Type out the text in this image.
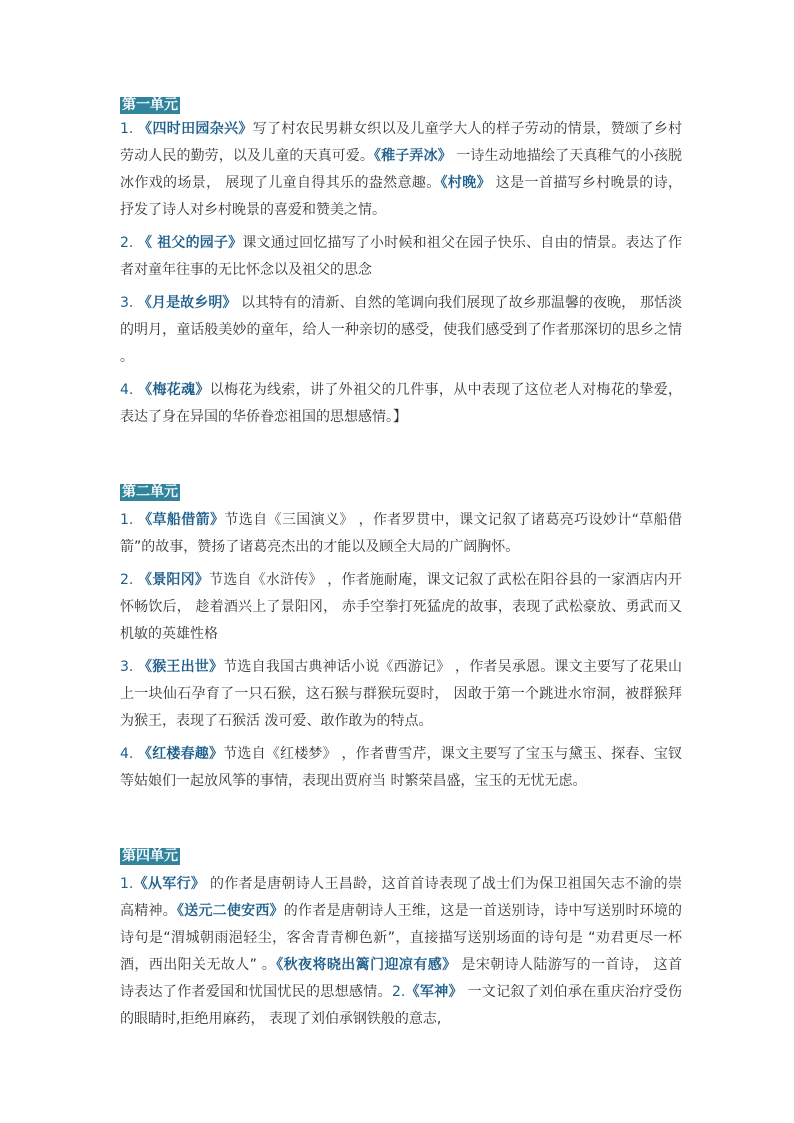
第一单元

1. 《四时田园杂兴》写了村农民男耕女织以及儿童学大人的样子劳动的情景，赞颂了乡村劳动人民的勤劳，以及儿童的天真可爱。《稚子弄冰》 一诗生动地描绘了天真稚气的小孩脱冰作戏的场景， 展现了儿童自得其乐的盎然意趣。《村晚》 这是一首描写乡村晚景的诗， 抒发了诗人对乡村晚景的喜爱和赞美之情。

2. 《 祖父的园子》课文通过回忆描写了小时候和祖父在园子快乐、自由的情景。表达了作者对童年往事的无比怀念以及祖父的思念

3. 《月是故乡明》 以其特有的清新、自然的笔调向我们展现了故乡那温馨的夜晚， 那恬淡的明月，童话般美妙的童年，给人一种亲切的感受，使我们感受到了作者那深切的思乡之情 。

4. 《梅花魂》以梅花为线索，讲了外祖父的几件事，从中表现了这位老人对梅花的挚爱， 表达了身在异国的华侨眷恋祖国的思想感情。】

第二单元

1. 《草船借箭》节选自《三国演义》 ，作者罗贯中，课文记叙了诸葛亮巧设妙计“草船借箭”的故事，赞扬了诸葛亮杰出的才能以及顾全大局的广阔胸怀。

2. 《景阳冈》节选自《水浒传》 ，作者施耐庵，课文记叙了武松在阳谷县的一家酒店内开怀畅饮后， 趁着酒兴上了景阳冈， 赤手空拳打死猛虎的故事，表现了武松豪放、勇武而又机敏的英雄性格

3. 《猴王出世》节选自我国古典神话小说《西游记》 ，作者吴承恩。课文主要写了花果山上一块仙石孕育了一只石猴，这石猴与群猴玩耍时， 因敢于第一个跳进水帘洞，被群猴拜为猴王，表现了石猴活 泼可爱、敢作敢为的特点。

4. 《红楼春趣》节选自《红楼梦》 ，作者曹雪芹，课文主要写了宝玉与黛玉、探春、宝钗等姑娘们一起放风筝的事情，表现出贾府当 时繁荣昌盛，宝玉的无忧无虑。

第四单元

1.《从军行》 的作者是唐朝诗人王昌龄，这首首诗表现了战士们为保卫祖国矢志不渝的崇高精神。《送元二使安西》的作者是唐朝诗人王维，这是一首送别诗，诗中写送别时环境的诗句是“渭城朝雨浥轻尘，客舍青青柳色新”，直接描写送别场面的诗句是 “劝君更尽一杯酒，西出阳关无故人” 。《秋夜将晓出篱门迎凉有感》 是宋朝诗人陆游写的一首诗， 这首 诗表达了作者爱国和忧国忧民的思想感情。2.《军神》 一文记叙了刘伯承在重庆治疗受伤的眼睛时,拒绝用麻药， 表现了刘伯承钢铁般的意志,
